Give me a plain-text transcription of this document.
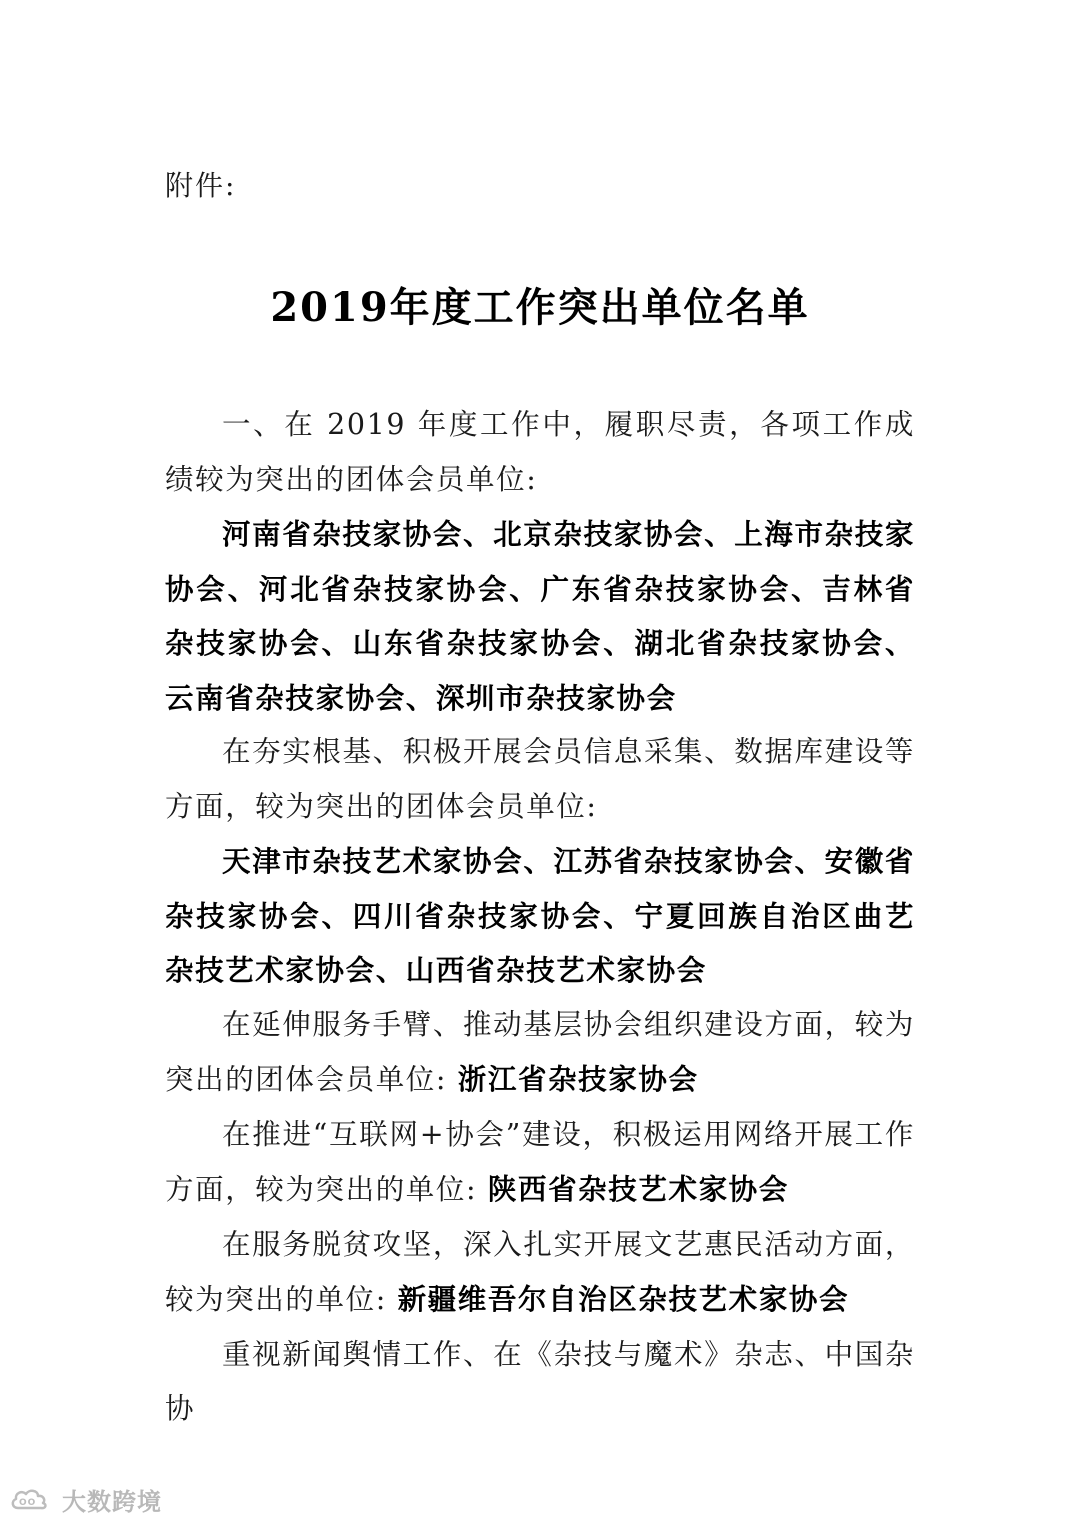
附件:
2019年度工作突出单位名单

一、在 2019 年度工作中，履职尽责，各项工作成绩较为突出的团体会员单位:

河南省杂技家协会、北京杂技家协会、上海市杂技家协会、河北省杂技家协会、广东省杂技家协会、吉林省杂技家协会、山东省杂技家协会、湖北省杂技家协会、云南省杂技家协会、深圳市杂技家协会

在夯实根基、积极开展会员信息采集、数据库建设等方面，较为突出的团体会员单位:

天津市杂技艺术家协会、江苏省杂技家协会、安徽省杂技家协会、四川省杂技家协会、宁夏回族自治区曲艺杂技艺术家协会、山西省杂技艺术家协会

在延伸服务手臂、推动基层协会组织建设方面，较为突出的团体会员单位: 浙江省杂技家协会

在推进“互联网+协会”建设，积极运用网络开展工作方面，较为突出的单位: 陕西省杂技艺术家协会

在服务脱贫攻坚，深入扎实开展文艺惠民活动方面，较为突出的单位: 新疆维吾尔自治区杂技艺术家协会

重视新闻舆情工作、在《杂技与魔术》杂志、中国杂协

OO 大数跨境
